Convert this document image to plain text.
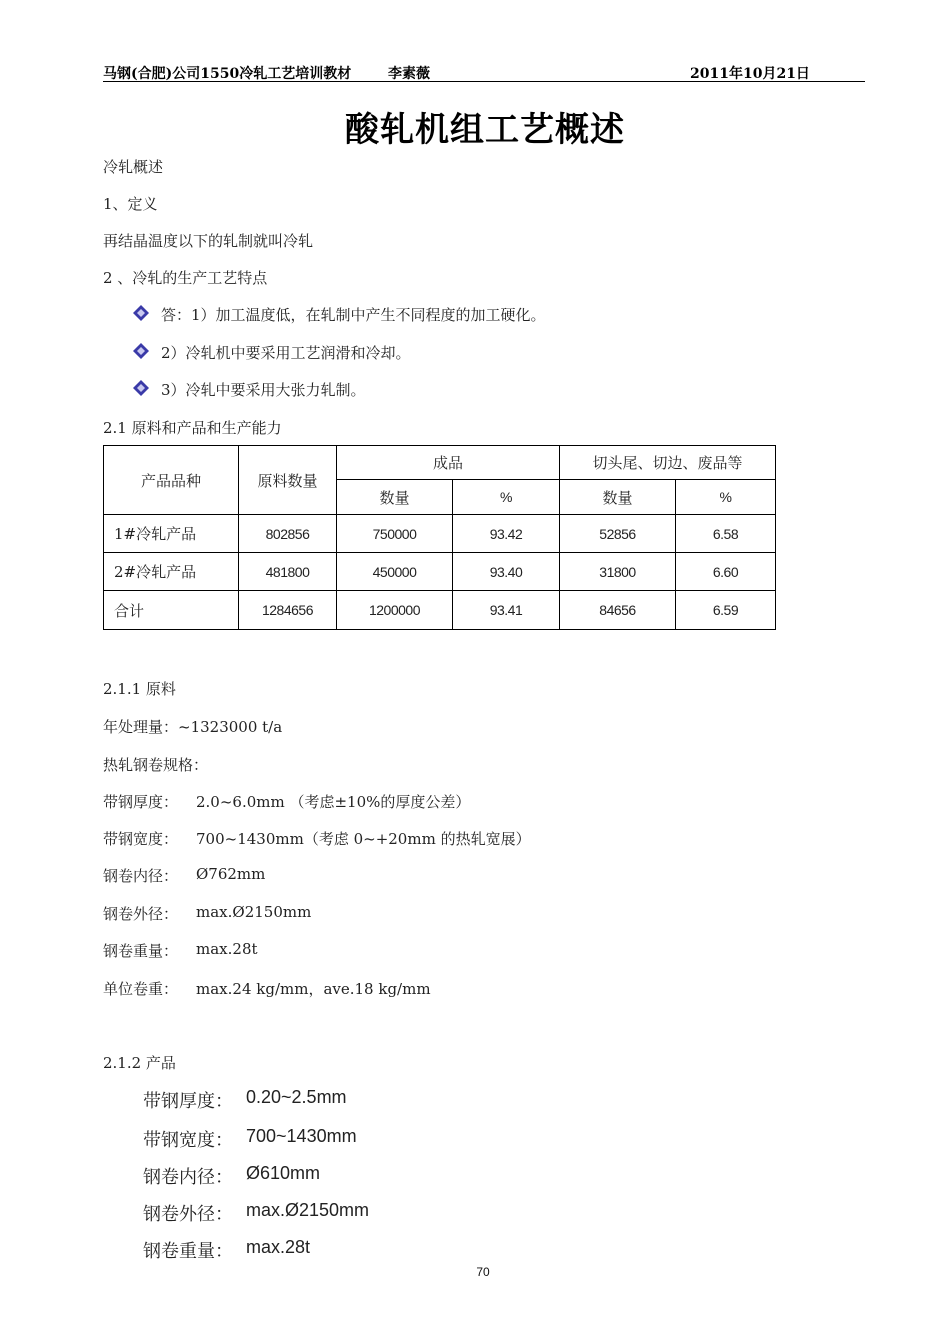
马钢(合肥)公司1550冷轧工艺培训教材	李素薇	2011年10月21日
酸轧机组工艺概述
冷轧概述
1、定义
再结晶温度以下的轧制就叫冷轧
2 、冷轧的生产工艺特点
答：1）加工温度低，在轧制中产生不同程度的加工硬化。
2）冷轧机中要采用工艺润滑和冷却。
3）冷轧中要采用大张力轧制。
2.1 原料和产品和生产能力
产品品种	原料数量	成品		切头尾、切边、废品等	
		数量	%	数量	%
1#冷轧产品	802856	750000	93.42	52856	6.58
2#冷轧产品	481800	450000	93.40	31800	6.60
合计	1284656	1200000	93.41	84656	6.59
2.1.1 原料
年处理量：~1323000 t/a
热轧钢卷规格：
带钢厚度： 2.0~6.0mm （考虑±10%的厚度公差）
带钢宽度： 700~1430mm（考虑 0~+20mm 的热轧宽展）
钢卷内径： Ø762mm
钢卷外径： max.Ø2150mm
钢卷重量： max.28t
单位卷重： max.24 kg/mm，ave.18 kg/mm
2.1.2 产品
带钢厚度： 0.20~2.5mm
带钢宽度： 700~1430mm
钢卷内径： Ø610mm
钢卷外径： max.Ø2150mm
钢卷重量： max.28t
70
